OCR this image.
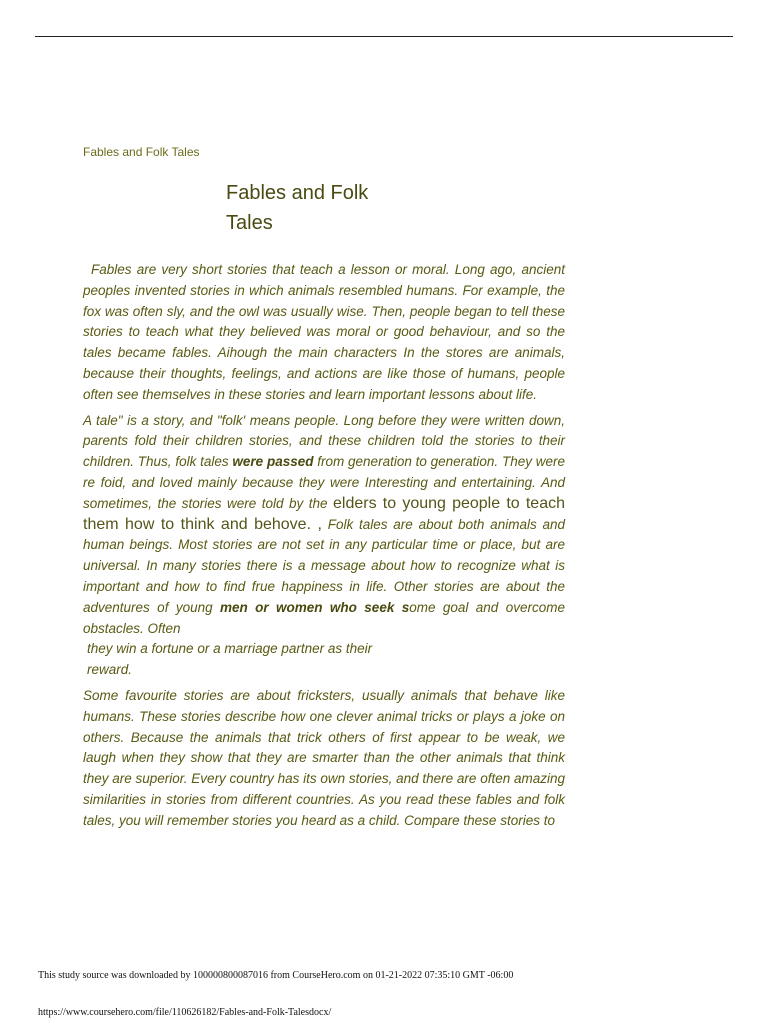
Fables and Folk Tales
Fables and Folk
Tales

Fables are very short stories that teach a lesson or moral. Long ago, ancient peoples invented stories in which animals resembled humans. For example, the fox was often sly, and the owl was usually wise. Then, people began to tell these stories to teach what they believed was moral or good behaviour, and so the tales became fables. Aihough the main characters In the stores are animals, because their thoughts, feelings, and actions are like those of humans, people often see themselves in these stories and learn important lessons about life.

A tale" is a story, and "folk' means people. Long before they were written down, parents fold their children stories, and these children told the stories to their children. Thus, folk tales were passed from generation to generation. They were re foid, and loved mainly because they were Interesting and entertaining. And sometimes, the stories were told by the elders to young people to teach them how to think and behove. , Folk tales are about both animals and human beings. Most stories are not set in any particular time or place, but are universal. In many stories there is a message about how to recognize what is important and how to find frue happiness in life. Other stories are about the adventures of young men or women who seek some goal and overcome obstacles. Often
they win a fortune or a marriage partner as their
reward.

Some favourite stories are about fricksters, usually animals that behave like humans. These stories describe how one clever animal tricks or plays a joke on others. Because the animals that trick others of first appear to be weak, we laugh when they show that they are smarter than the other animals that think they are superior. Every country has its own stories, and there are often amazing similarities in stories from different countries. As you read these fables and folk tales, you will remember stories you heard as a child. Compare these stories to

This study source was downloaded by 100000800087016 from CourseHero.com on 01-21-2022 07:35:10 GMT -06:00
https://www.coursehero.com/file/110626182/Fables-and-Folk-Talesdocx/
